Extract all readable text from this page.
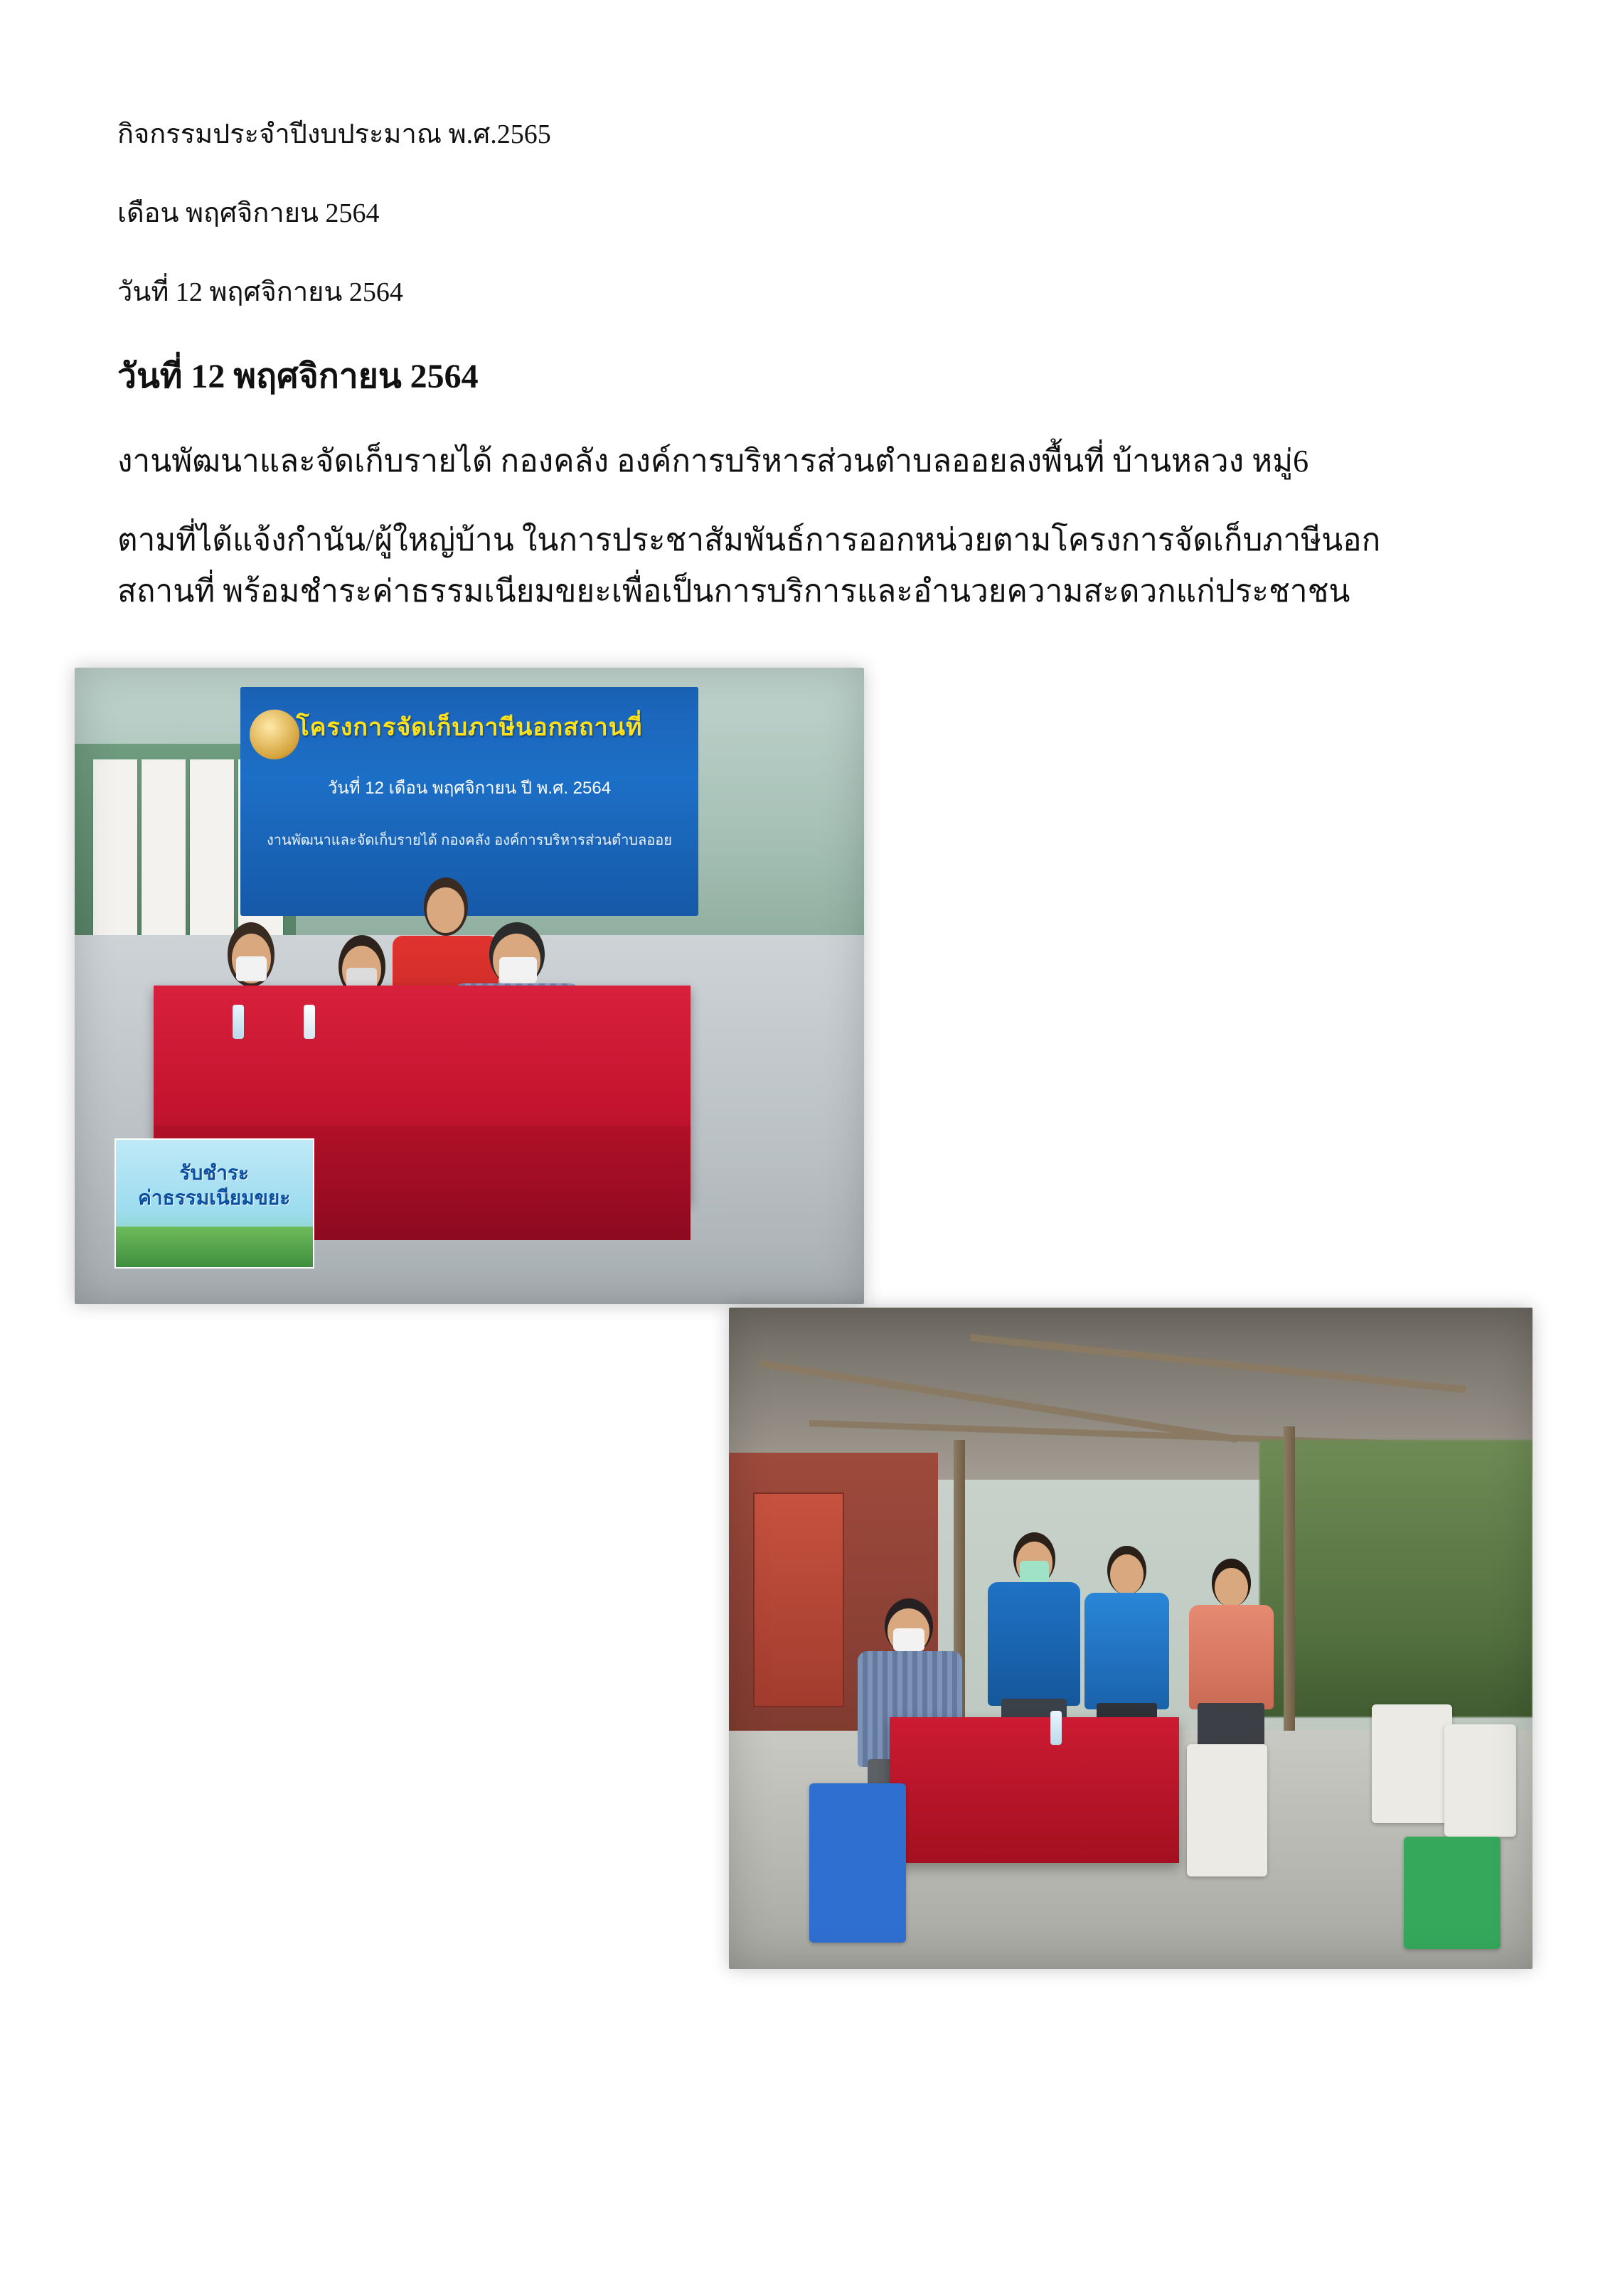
กิจกรรมประจำปีงบประมาณ พ.ศ.2565

เดือน พฤศจิกายน 2564

วันที่ 12 พฤศจิกายน 2564

วันที่ 12 พฤศจิกายน 2564

งานพัฒนาและจัดเก็บรายได้ กองคลัง องค์การบริหารส่วนตำบลออยลงพื้นที่ บ้านหลวง หมู่6

ตามที่ได้แจ้งกำนัน/ผู้ใหญ่บ้าน ในการประชาสัมพันธ์การออกหน่วยตามโครงการจัดเก็บภาษีนอกสถานที่ พร้อมชำระค่าธรรมเนียมขยะเพื่อเป็นการบริการและอำนวยความสะดวกแก่ประชาชน

โครงการจัดเก็บภาษีนอกสถานที่
วันที่ 12 เดือน พฤศจิกายน ปี พ.ศ. 2564
งานพัฒนาและจัดเก็บรายได้ กองคลัง องค์การบริหารส่วนตำบลออย
รับชำระ
ค่าธรรมเนียมขยะ
